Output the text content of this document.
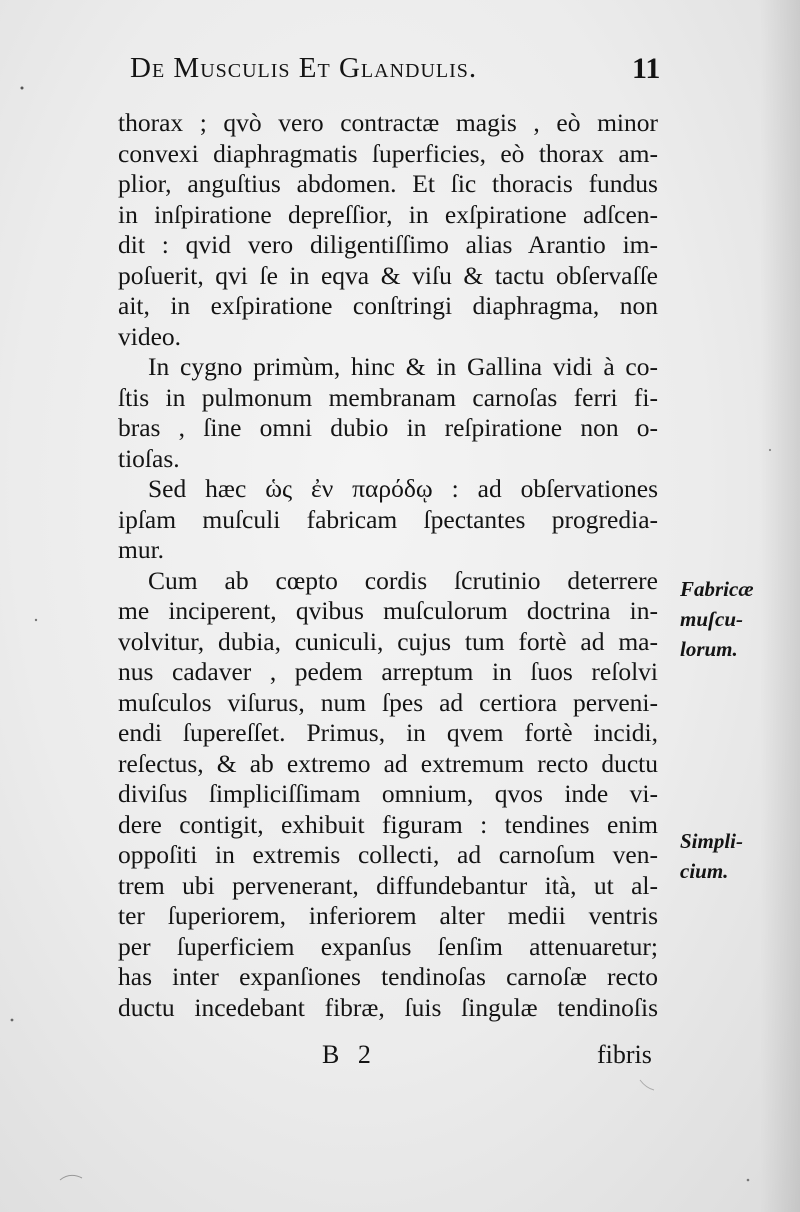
De Musculis Et Glandulis.	11
thorax ; qvò vero contractæ magis , eò minor
convexi diaphragmatis ſuperficies, eò thorax am-
plior, anguſtius abdomen. Et ſic thoracis fundus
in inſpiratione depreſſior, in exſpiratione adſcen-
dit : qvid vero diligentiſſimo alias Arantio im-
poſuerit, qvi ſe in eqva & viſu & tactu obſervaſſe
ait, in exſpiratione conſtringi diaphragma, non
video.
In cygno primùm, hinc & in Gallina vidi à co-
ſtis in pulmonum membranam carnoſas ferri fi-
bras , ſine omni dubio in reſpiratione non o-
tioſas.
Sed hæc ὡς ἐν παρόδῳ : ad obſervationes
ipſam muſculi fabricam ſpectantes progredia-
mur.
Cum ab cœpto cordis ſcrutinio deterrere
me inciperent, qvibus muſculorum doctrina in-
volvitur, dubia, cuniculi, cujus tum fortè ad ma-
nus cadaver , pedem arreptum in ſuos reſolvi
muſculos viſurus, num ſpes ad certiora perveni-
endi ſupereſſet. Primus, in qvem fortè incidi,
reſectus, & ab extremo ad extremum recto ductu
diviſus ſimpliciſſimam omnium, qvos inde vi-
dere contigit, exhibuit figuram : tendines enim
oppoſiti in extremis collecti, ad carnoſum ven-
trem ubi pervenerant, diffundebantur ità, ut al-
ter ſuperiorem, inferiorem alter medii ventris
per ſuperficiem expanſus ſenſim attenuaretur;
has inter expanſiones tendinoſas carnoſæ recto
ductu incedebant fibræ, ſuis ſingulæ tendinoſis
Fabricæ
muſcu-
lorum.
Simpli-
cium.
B 2	fibris
